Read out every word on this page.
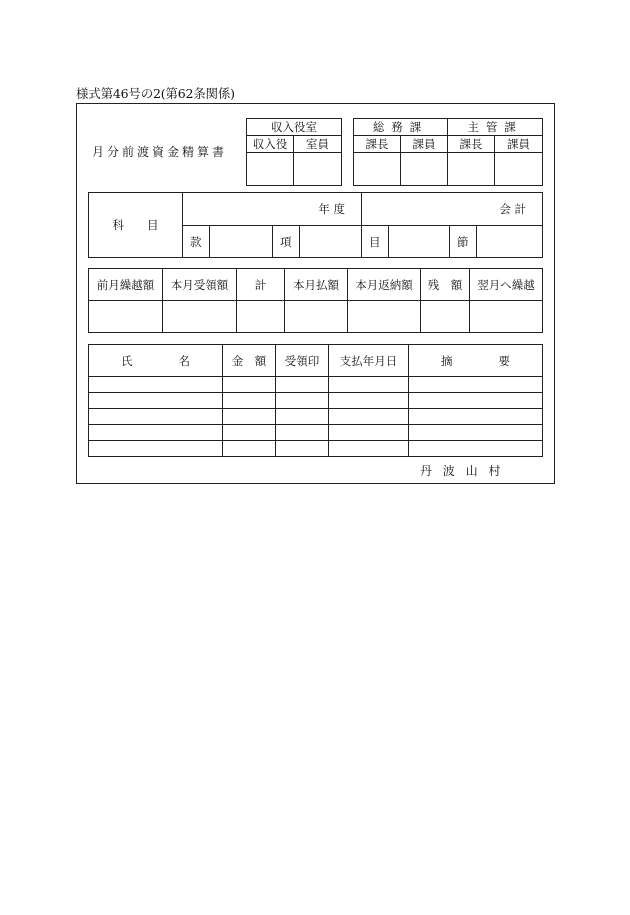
様式第46号の2(第62条関係)
月分前渡資金精算書
収入役室	
収入役	室員

総務課		主管課	
課長	課員	課長	課員

科　　目	年 度				会 計			
	款		項		目		節	
前月繰越額	本月受領額	計	本月払額	本月返納額	残　額	翌月へ繰越

氏　　　　名	金　額	受領印	支払年月日	摘　　　　要

丹波山村
